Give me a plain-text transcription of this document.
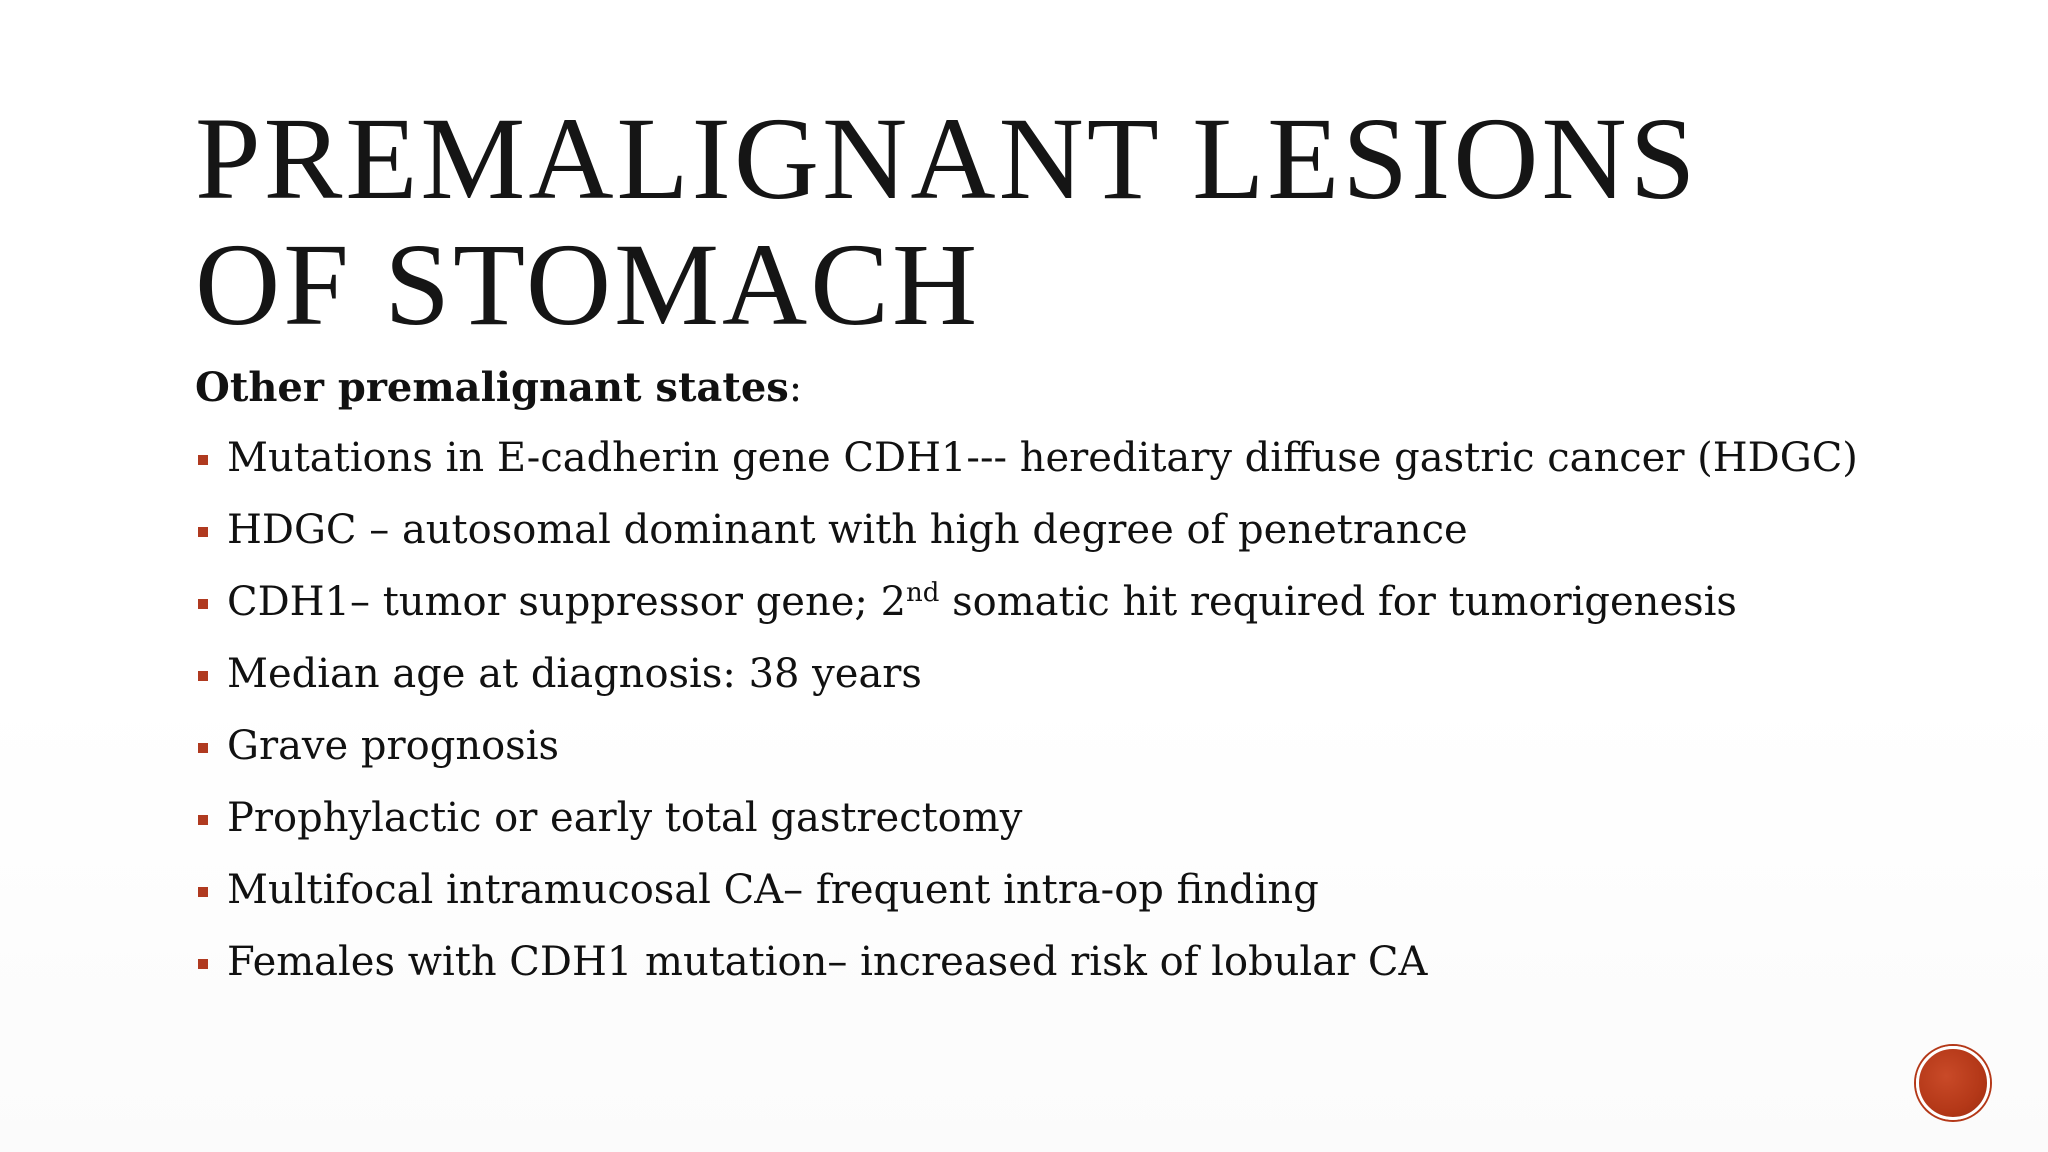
PREMALIGNANT LESIONS
OF STOMACH

Other premalignant states:

Mutations in E-cadherin gene CDH1--- hereditary diffuse gastric cancer (HDGC)
HDGC – autosomal dominant with high degree of penetrance
CDH1– tumor suppressor gene; 2nd somatic hit required for tumorigenesis
Median age at diagnosis: 38 years
Grave prognosis
Prophylactic or early total gastrectomy
Multifocal intramucosal CA– frequent intra-op finding
Females with CDH1 mutation– increased risk of lobular CA
